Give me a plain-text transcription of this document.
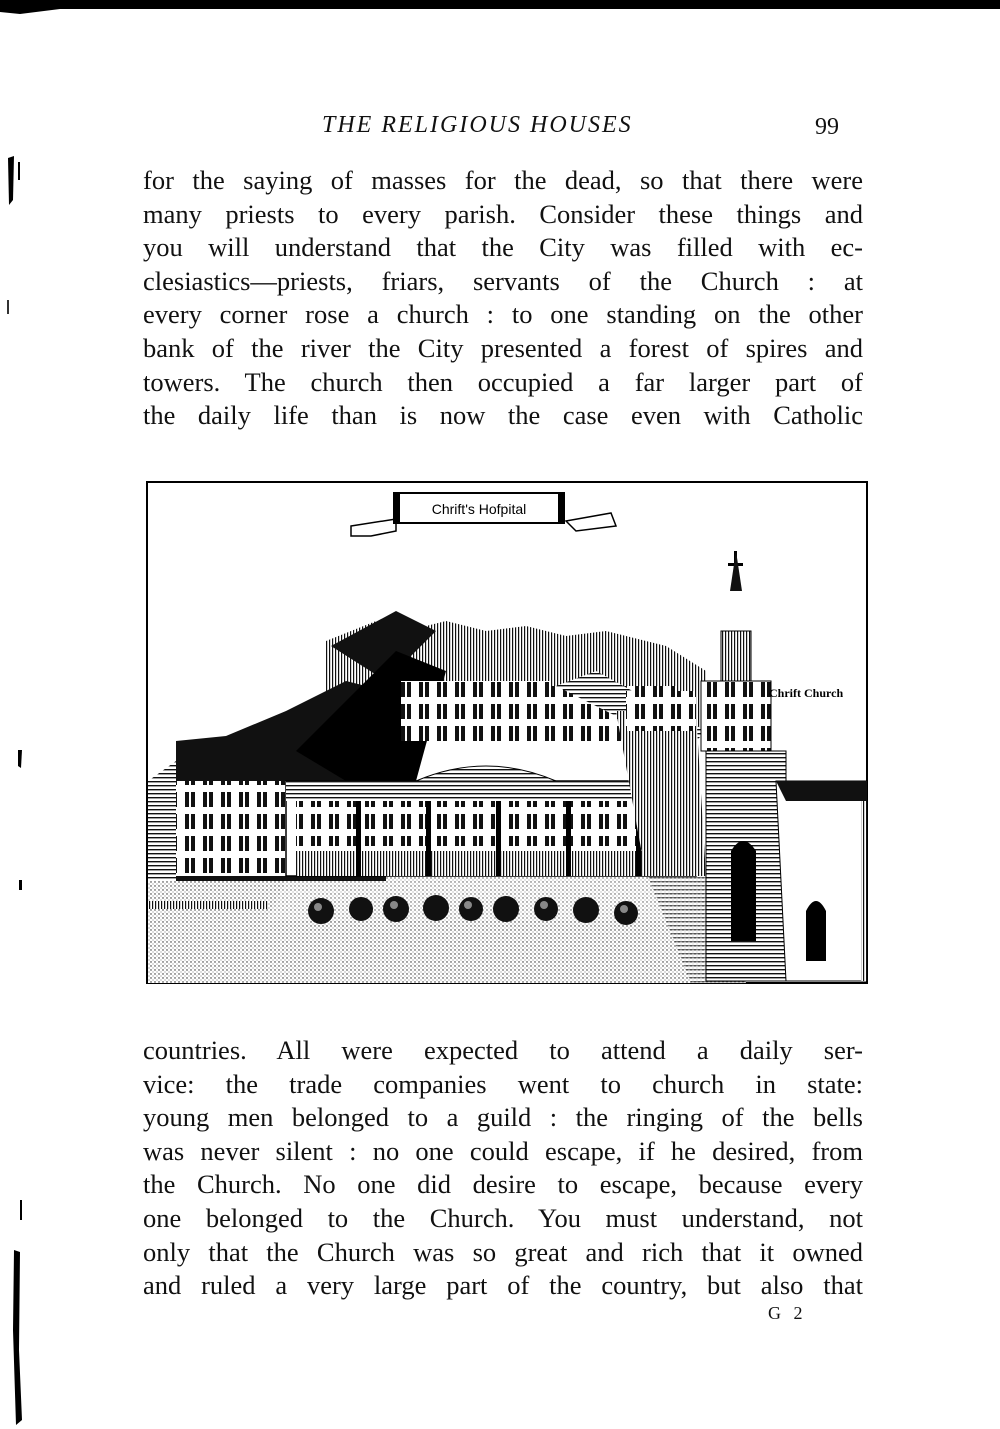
THE RELIGIOUS HOUSES	99
for the saying of masses for the dead, so that there were
many priests to every parish. Consider these things and
you will understand that the City was filled with ec-
clesiastics—priests, friars, servants of the Church : at
every corner rose a church : to one standing on the other
bank of the river the City presented a forest of spires and
towers. The church then occupied a far larger part of
the daily life than is now the case even with Catholic
Chrift's Hofpital
Chrift Church
countries. All were expected to attend a daily ser-
vice: the trade companies went to church in state:
young men belonged to a guild : the ringing of the bells
was never silent : no one could escape, if he desired, from
the Church. No one did desire to escape, because every
one belonged to the Church. You must understand, not
only that the Church was so great and rich that it owned
and ruled a very large part of the country, but also that
G 2
